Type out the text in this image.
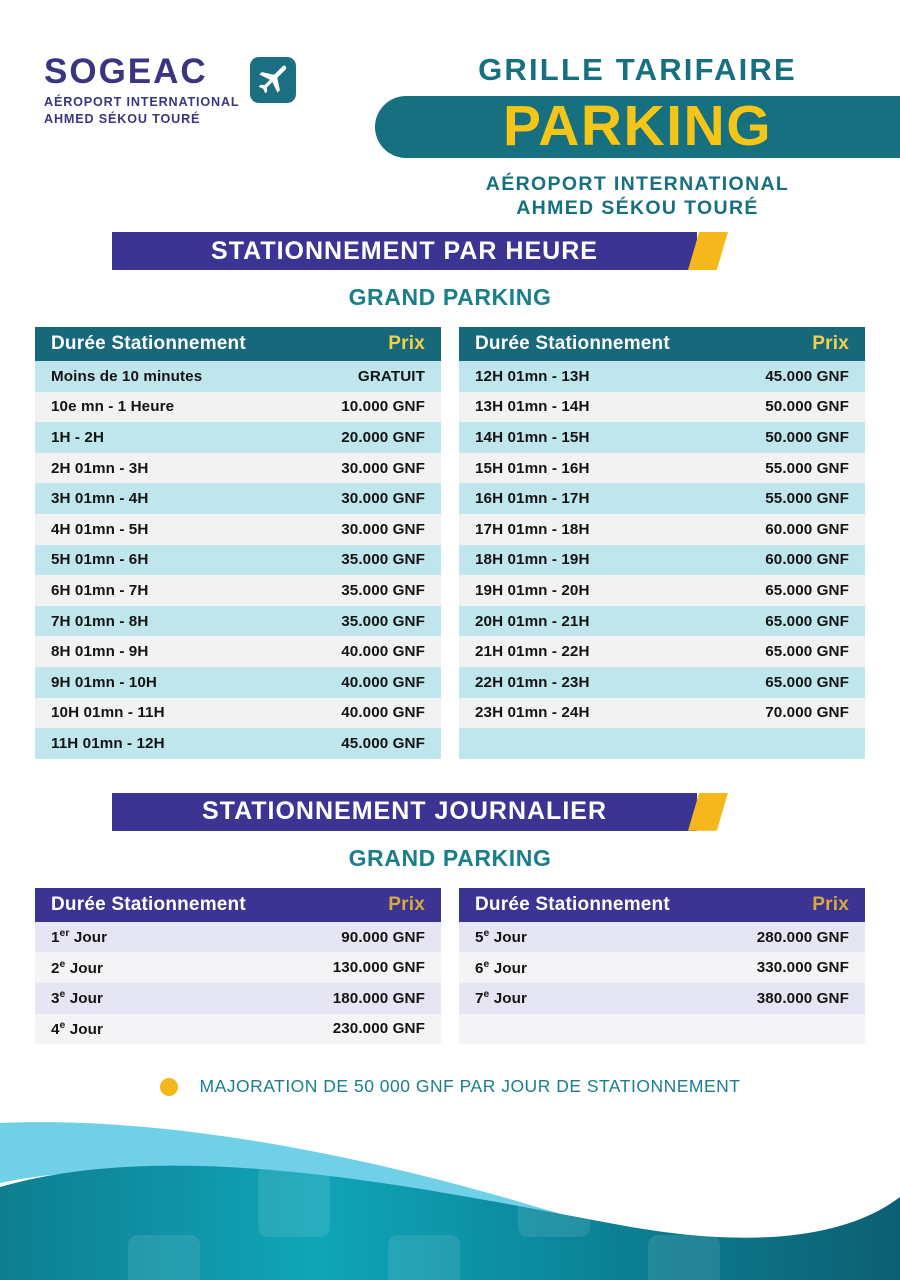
SOGEAC
AÉROPORT INTERNATIONAL
AHMED SÉKOU TOURÉ
GRILLE TARIFAIRE
PARKING
AÉROPORT INTERNATIONAL
AHMED SÉKOU TOURÉ
STATIONNEMENT PAR HEURE
GRAND PARKING
Durée Stationnement	Prix
Moins de 10 minutes	GRATUIT
10e mn - 1 Heure	10.000 GNF
1H - 2H	20.000 GNF
2H 01mn - 3H	30.000 GNF
3H 01mn - 4H	30.000 GNF
4H 01mn - 5H	30.000 GNF
5H 01mn - 6H	35.000 GNF
6H 01mn - 7H	35.000 GNF
7H 01mn - 8H	35.000 GNF
8H 01mn - 9H	40.000 GNF
9H 01mn - 10H	40.000 GNF
10H 01mn - 11H	40.000 GNF
11H 01mn - 12H	45.000 GNF
Durée Stationnement	Prix
12H 01mn - 13H	45.000 GNF
13H 01mn - 14H	50.000 GNF
14H 01mn - 15H	50.000 GNF
15H 01mn - 16H	55.000 GNF
16H 01mn - 17H	55.000 GNF
17H 01mn - 18H	60.000 GNF
18H 01mn - 19H	60.000 GNF
19H 01mn - 20H	65.000 GNF
20H 01mn - 21H	65.000 GNF
21H 01mn - 22H	65.000 GNF
22H 01mn - 23H	65.000 GNF
23H 01mn - 24H	70.000 GNF
STATIONNEMENT JOURNALIER
GRAND PARKING
Durée Stationnement	Prix
1er Jour	90.000 GNF
2e Jour	130.000 GNF
3e Jour	180.000 GNF
4e Jour	230.000 GNF
Durée Stationnement	Prix
5e Jour	280.000 GNF
6e Jour	330.000 GNF
7e Jour	380.000 GNF
MAJORATION DE 50 000 GNF PAR JOUR DE STATIONNEMENT
